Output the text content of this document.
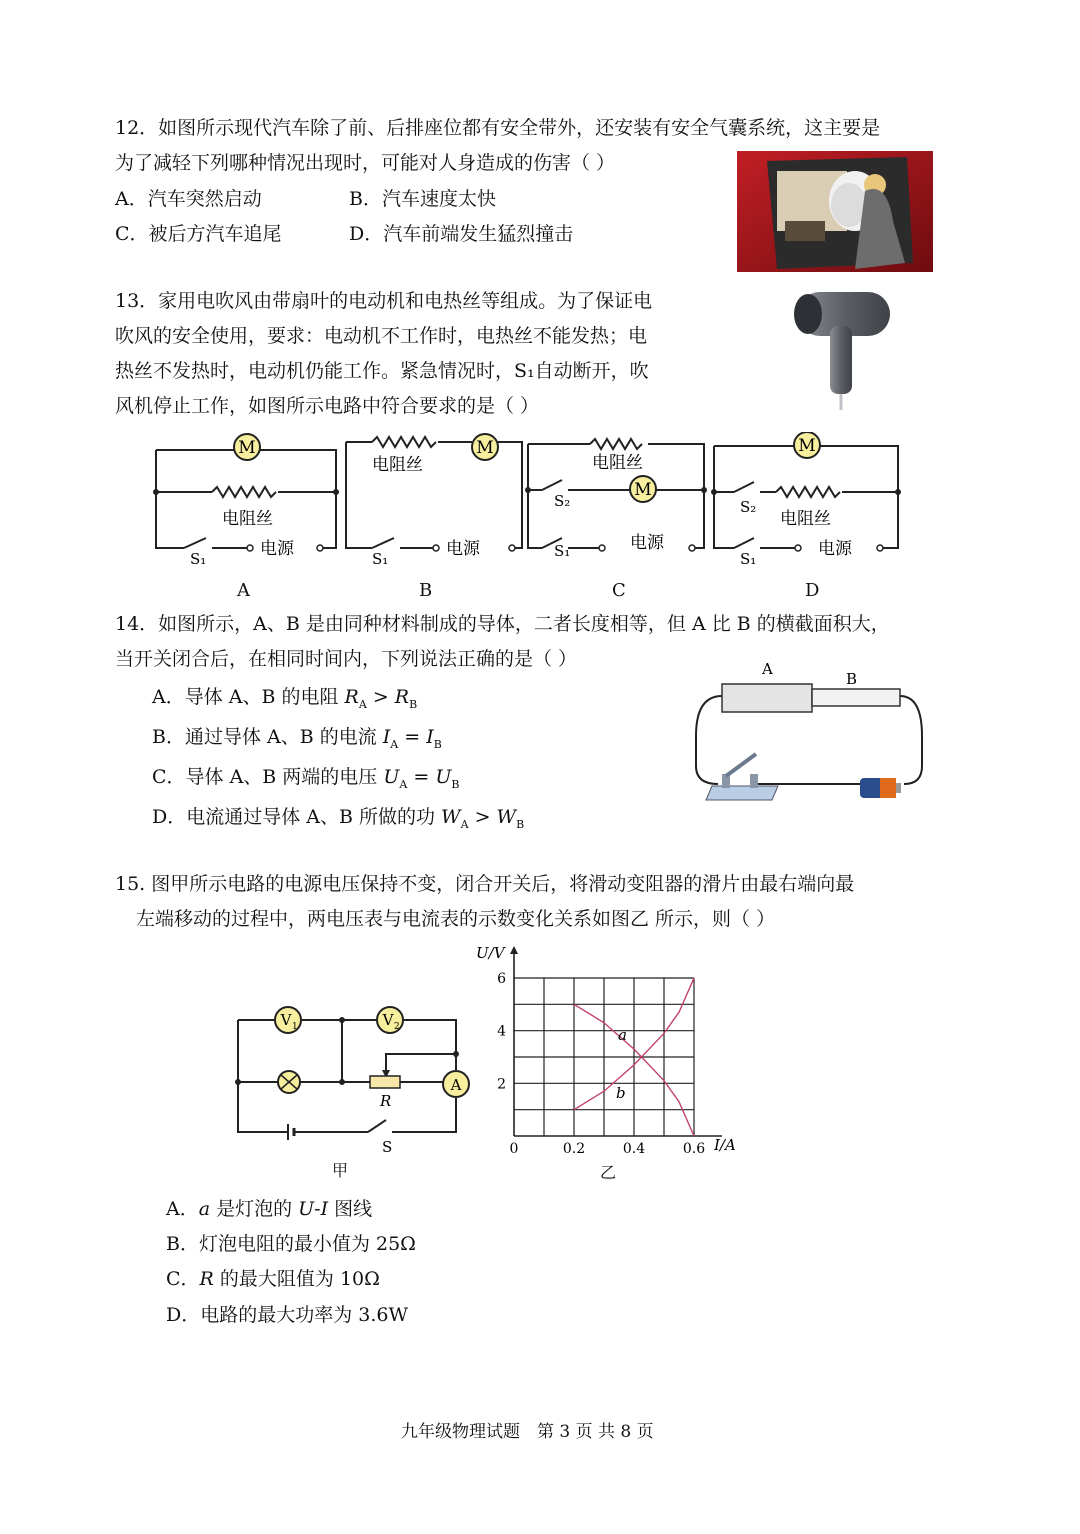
12．如图所示现代汽车除了前、后排座位都有安全带外，还安装有安全气囊系统，这主要是
为了减轻下列哪种情况出现时，可能对人身造成的伤害（ ）
A．汽车突然启动	B．汽车速度太快
C．被后方汽车追尾	D．汽车前端发生猛烈撞击
13．家用电吹风由带扇叶的电动机和电热丝等组成。为了保证电
吹风的安全使用，要求：电动机不工作时，电热丝不能发热；电
热丝不发热时，电动机仍能工作。紧急情况时，S₁自动断开，吹
风机停止工作，如图所示电路中符合要求的是（ ）
M	M
M
M
电阻丝
电阻丝	电阻丝
电阻丝
电源	电源	电源	电源
S₁	S₁	S₁
S₂
S₁
S₂
A	B	C	D
14．如图所示，A、B 是由同种材料制成的导体，二者长度相等，但 A 比 B 的横截面积大，
当开关闭合后，在相同时间内，下列说法正确的是（ ）
A．导体 A、B 的电阻 $R_A > R_B$
B．通过导体 A、B 的电流 $I_A = I_B$
C．导体 A、B 两端的电压 $U_A = U_B$
D．电流通过导体 A、B 所做的功 $W_A > W_B$
A
B
15. 图甲所示电路的电源电压保持不变，闭合开关后，将滑动变阻器的滑片由最右端向最
左端移动的过程中，两电压表与电流表的示数变化关系如图乙 所示，则（ ）
V	V
A
1	2
R
S
甲
0	0.2	0.4	0.6
2
4
6
U/V
I/A
a
b
乙
A．a 是灯泡的 U-I 图线
B．灯泡电阻的最小值为 25Ω
C．R 的最大阻值为 10Ω
D．电路的最大功率为 3.6W
九年级物理试题　第 3 页 共 8 页
